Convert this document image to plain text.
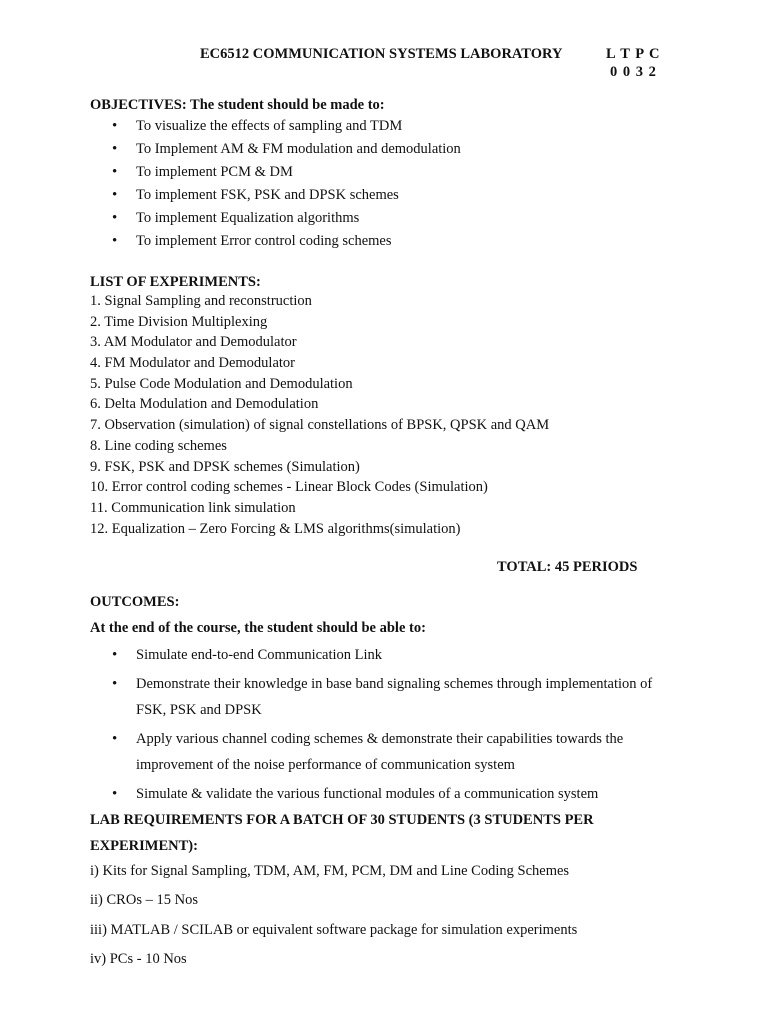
EC6512 COMMUNICATION SYSTEMS LABORATORY	L T P C
0 0 3 2
OBJECTIVES: The student should be made to:
• To visualize the effects of sampling and TDM
• To Implement AM & FM modulation and demodulation
• To implement PCM & DM
• To implement FSK, PSK and DPSK schemes
• To implement Equalization algorithms
• To implement Error control coding schemes
LIST OF EXPERIMENTS:
1. Signal Sampling and reconstruction
2. Time Division Multiplexing
3. AM Modulator and Demodulator
4. FM Modulator and Demodulator
5. Pulse Code Modulation and Demodulation
6. Delta Modulation and Demodulation
7. Observation (simulation) of signal constellations of BPSK, QPSK and QAM
8. Line coding schemes
9. FSK, PSK and DPSK schemes (Simulation)
10. Error control coding schemes - Linear Block Codes (Simulation)
11. Communication link simulation
12. Equalization – Zero Forcing & LMS algorithms(simulation)
TOTAL: 45 PERIODS
OUTCOMES:
At the end of the course, the student should be able to:
• Simulate end-to-end Communication Link
• Demonstrate their knowledge in base band signaling schemes through implementation of FSK, PSK and DPSK
• Apply various channel coding schemes & demonstrate their capabilities towards the improvement of the noise performance of communication system
• Simulate & validate the various functional modules of a communication system
LAB REQUIREMENTS FOR A BATCH OF 30 STUDENTS (3 STUDENTS PER
EXPERIMENT):
i) Kits for Signal Sampling, TDM, AM, FM, PCM, DM and Line Coding Schemes
ii) CROs – 15 Nos
iii) MATLAB / SCILAB or equivalent software package for simulation experiments
iv) PCs - 10 Nos
